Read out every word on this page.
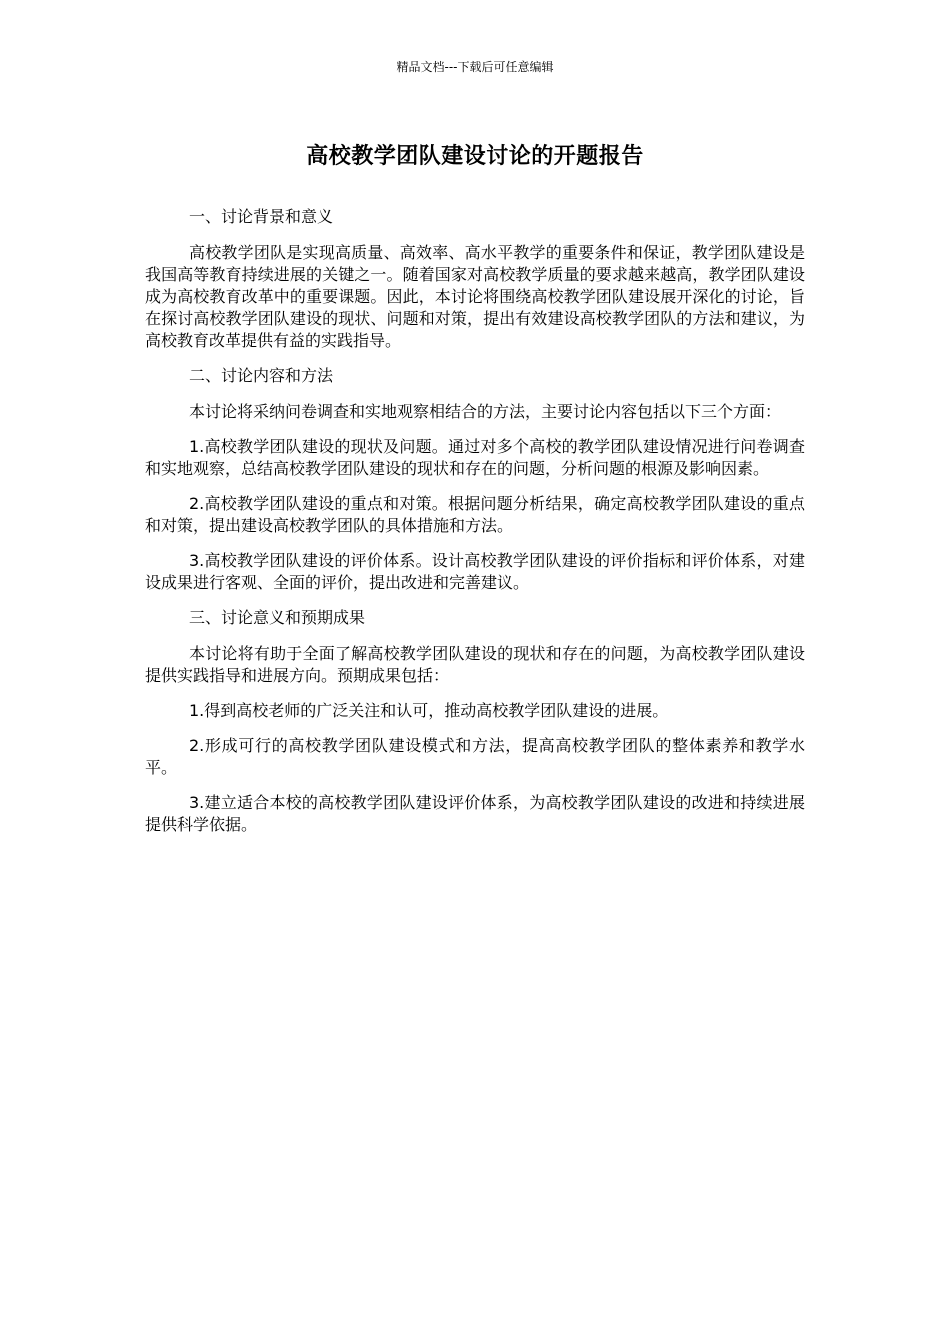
精品文档---下载后可任意编辑
高校教学团队建设讨论的开题报告

一、讨论背景和意义

高校教学团队是实现高质量、高效率、高水平教学的重要条件和保证，教学团队建设是我国高等教育持续进展的关键之一。随着国家对高校教学质量的要求越来越高，教学团队建设成为高校教育改革中的重要课题。因此，本讨论将围绕高校教学团队建设展开深化的讨论，旨在探讨高校教学团队建设的现状、问题和对策，提出有效建设高校教学团队的方法和建议，为高校教育改革提供有益的实践指导。

二、讨论内容和方法

本讨论将采纳问卷调查和实地观察相结合的方法，主要讨论内容包括以下三个方面：

1.高校教学团队建设的现状及问题。通过对多个高校的教学团队建设情况进行问卷调查和实地观察，总结高校教学团队建设的现状和存在的问题，分析问题的根源及影响因素。

2.高校教学团队建设的重点和对策。根据问题分析结果，确定高校教学团队建设的重点和对策，提出建设高校教学团队的具体措施和方法。

3.高校教学团队建设的评价体系。设计高校教学团队建设的评价指标和评价体系，对建设成果进行客观、全面的评价，提出改进和完善建议。

三、讨论意义和预期成果

本讨论将有助于全面了解高校教学团队建设的现状和存在的问题，为高校教学团队建设提供实践指导和进展方向。预期成果包括：

1.得到高校老师的广泛关注和认可，推动高校教学团队建设的进展。

2.形成可行的高校教学团队建设模式和方法，提高高校教学团队的整体素养和教学水平。

3.建立适合本校的高校教学团队建设评价体系，为高校教学团队建设的改进和持续进展提供科学依据。
